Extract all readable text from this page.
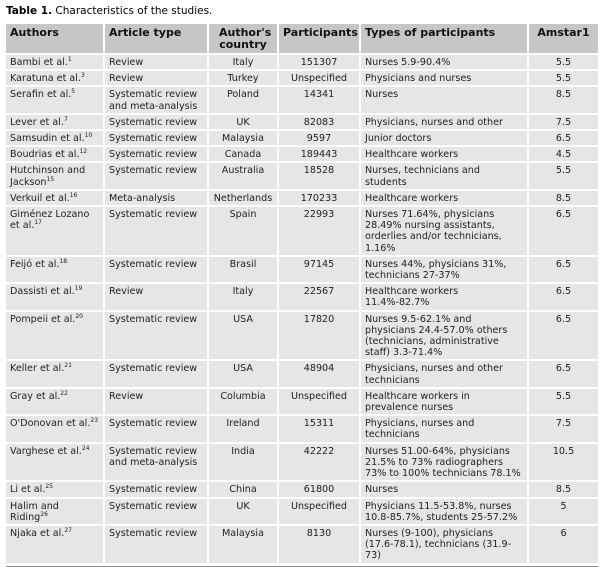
Table 1. Characteristics of the studies.
Authors	Article type	Author's country	Participants	Types of participants	Amstar1
Bambi et al.$^1$	Review	Italy	151307	Nurses 5.9-90.4%	5.5
Karatuna et al.$^3$	Review	Turkey	Unspecified	Physicians and nurses	5.5
Serafin et al.$^5$	Systematic review and meta-analysis	Poland	14341	Nurses	8.5
Lever et al.$^7$	Systematic review	UK	82083	Physicians, nurses and other	7.5
Samsudin et al.$^{10}$	Systematic review	Malaysia	9597	Junior doctors	6.5
Boudrias et al.$^{12}$	Systematic review	Canada	189443	Healthcare workers	4.5
Hutchinson and Jackson$^{15}$	Systematic review	Australia	18528	Nurses, technicians and students	5.5
Verkuil et al.$^{16}$	Meta-analysis	Netherlands	170233	Healthcare workers	8.5
Giménez Lozano et al.$^{17}$	Systematic review	Spain	22993	Nurses 71.64%, physicians 28.49% nursing assistants, orderlies and/or technicians, 1.16%	6.5
Feijó et al.$^{18}$	Systematic review	Brasil	97145	Nurses 44%, physicians 31%, technicians 27-37%	6.5
Dassisti et al.$^{19}$	Review	Italy	22567	Healthcare workers 11.4%-82.7%	6.5
Pompeii et al.$^{20}$	Systematic review	USA	17820	Nurses 9.5-62.1% and physicians 24.4-57.0% others (technicians, administrative staff) 3.3-71.4%	6.5
Keller et al.$^{21}$	Systematic review	USA	48904	Physicians, nurses and other technicians	6.5
Gray et al.$^{22}$	Review	Columbia	Unspecified	Healthcare workers in prevalence nurses	5.5
O'Donovan et al.$^{23}$	Systematic review	Ireland	15311	Physicians, nurses and technicians	7.5
Varghese et al.$^{24}$	Systematic review and meta-analysis	India	42222	Nurses 51.00-64%, physicians 21.5% to 73% radiographers 73% to 100% technicians 78.1%	10.5
Li et al.$^{25}$	Systematic review	China	61800	Nurses	8.5
Halim and Riding$^{26}$	Systematic review	UK	Unspecified	Physicians 11.5-53.8%, nurses 10.8-85.7%, students 25-57.2%	5
Njaka et al.$^{27}$	Systematic review	Malaysia	8130	Nurses (9-100), physicians (17.6-78.1), technicians (31.9-73)	6
